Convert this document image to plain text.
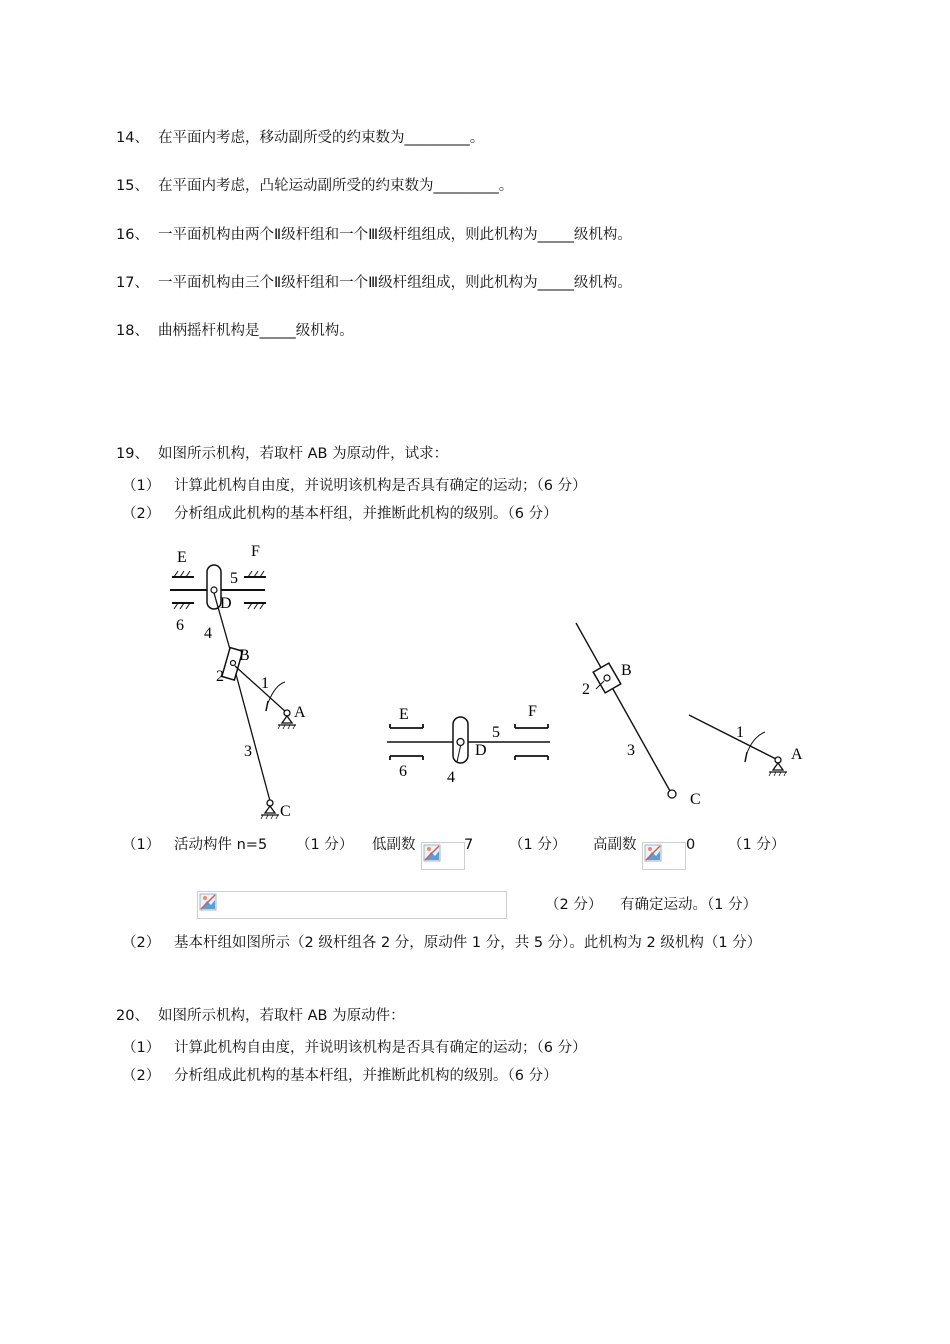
14、 在平面内考虑，移动副所受的约束数为_________。
15、 在平面内考虑，凸轮运动副所受的约束数为_________。
16、 一平面机构由两个Ⅱ级杆组和一个Ⅲ级杆组组成，则此机构为_____级机构。
17、 一平面机构由三个Ⅱ级杆组和一个Ⅲ级杆组组成，则此机构为_____级机构。
18、 曲柄摇杆机构是_____级机构。
19、 如图所示机构，若取杆 AB 为原动件，试求：
（1） 计算此机构自由度，并说明该机构是否具有确定的运动；（6 分）
（2） 分析组成此机构的基本杆组，并推断此机构的级别。（6 分）
E	F
5
D
6 4
B
2 1
A
3
C
E	F
5
D
6	4
B
2
3
C
1
A
（1） 活动构件 n=5 （1 分） 低副数	7 （1 分） 高副数	0 （1 分）
（2 分） 有确定运动。（1 分）
（2） 基本杆组如图所示（2 级杆组各 2 分，原动件 1 分，共 5 分）。此机构为 2 级机构（1 分）
20、 如图所示机构，若取杆 AB 为原动件：
（1） 计算此机构自由度，并说明该机构是否具有确定的运动；（6 分）
（2） 分析组成此机构的基本杆组，并推断此机构的级别。（6 分）
